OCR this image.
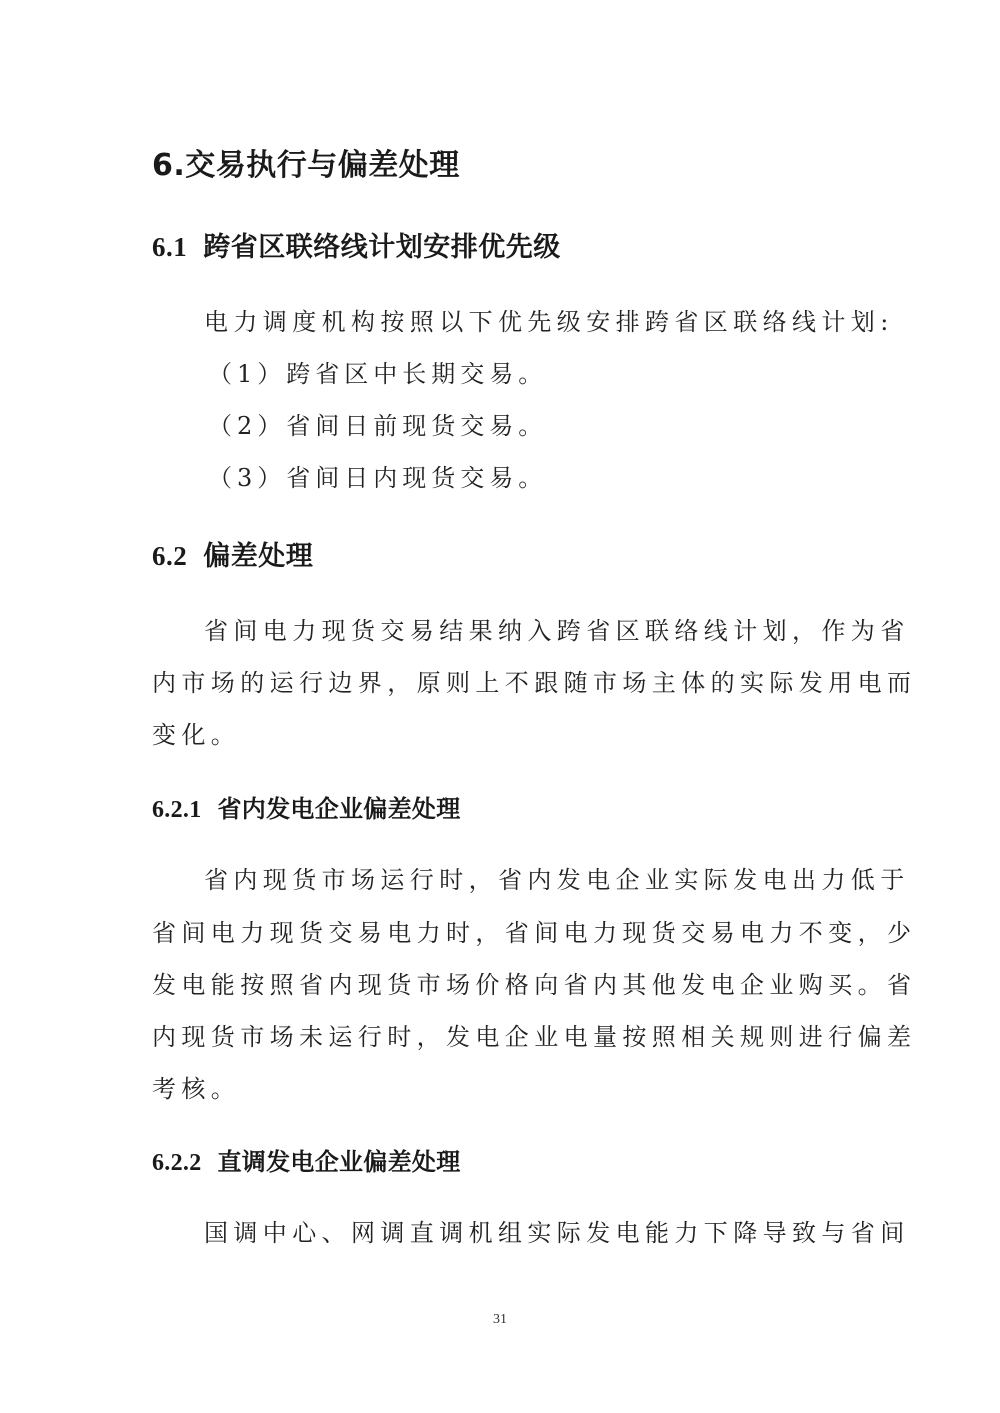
6.交易执行与偏差处理
6.1 跨省区联络线计划安排优先级
电力调度机构按照以下优先级安排跨省区联络线计划:
（1）跨省区中长期交易。
（2）省间日前现货交易。
（3）省间日内现货交易。
6.2 偏差处理
省间电力现货交易结果纳入跨省区联络线计划，作为省
内市场的运行边界，原则上不跟随市场主体的实际发用电而
变化。
6.2.1 省内发电企业偏差处理
省内现货市场运行时，省内发电企业实际发电出力低于
省间电力现货交易电力时，省间电力现货交易电力不变，少
发电能按照省内现货市场价格向省内其他发电企业购买。省
内现货市场未运行时，发电企业电量按照相关规则进行偏差
考核。
6.2.2 直调发电企业偏差处理
国调中心、网调直调机组实际发电能力下降导致与省间
31
